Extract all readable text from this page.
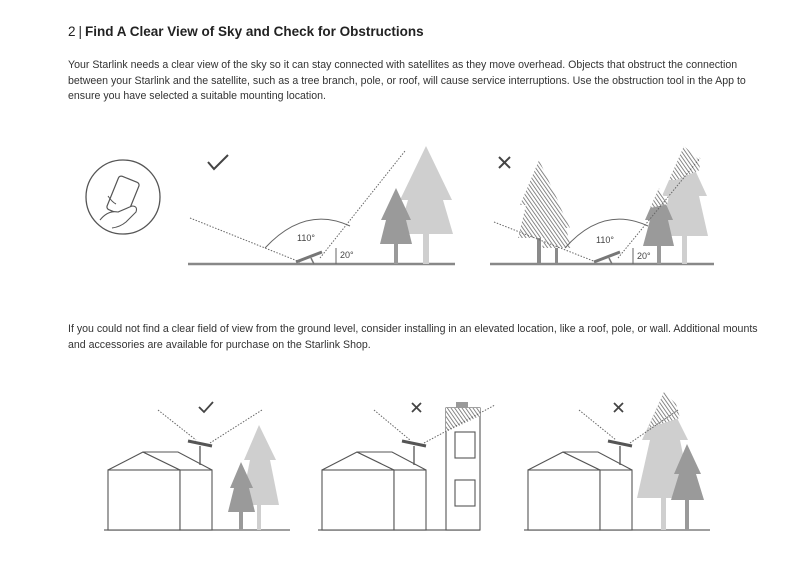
2 | Find A Clear View of Sky and Check for Obstructions

Your Starlink needs a clear view of the sky so it can stay connected with satellites as they move overhead. Objects that obstruct the connection between your Starlink and the satellite, such as a tree branch, pole, or roof, will cause service interruptions. Use the obstruction tool in the App to ensure you have selected a suitable mounting location.

If you could not find a clear field of view from the ground level, consider installing in an elevated location, like a roof, pole, or wall. Additional mounts and accessories are available for purchase on the Starlink Shop.

110°
20°
110°
20°
